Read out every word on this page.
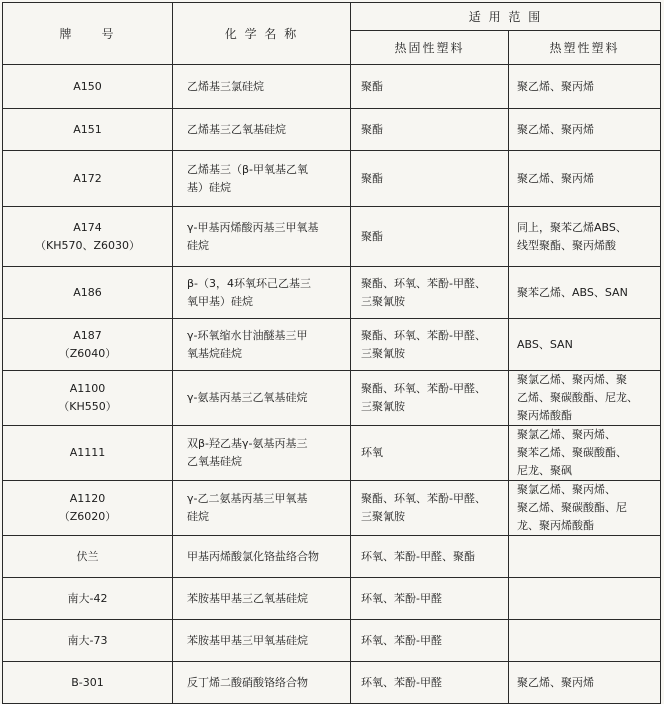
牌　　号	化 学 名 称	适 用 范 围	
		热固性塑料	热塑性塑料

A150	乙烯基三氯硅烷	聚酯	聚乙烯、聚丙烯

A151	乙烯基三乙氧基硅烷	聚酯	聚乙烯、聚丙烯

A172	乙烯基三（β-甲氧基乙氧
基）硅烷	聚酯	聚乙烯、聚丙烯

A174
（KH570、Z6030）	γ-甲基丙烯酸丙基三甲氧基
硅烷	聚酯	同上，聚苯乙烯ABS、
线型聚酯、聚丙烯酸

A186	β-（3，4环氧环己乙基三
氧甲基）硅烷	聚酯、环氧、苯酚-甲醛、
三聚氰胺	聚苯乙烯、ABS、SAN

A187
（Z6040）	γ-环氧缩水甘油醚基三甲
氧基烷硅烷	聚酯、环氧、苯酚-甲醛、
三聚氰胺	ABS、SAN

A1100
（KH550）	γ-氨基丙基三乙氧基硅烷	聚酯、环氧、苯酚-甲醛、
三聚氰胺	聚氯乙烯、聚丙烯、聚
乙烯、聚碳酸酯、尼龙、
聚丙烯酸酯

A1111	双β-羟乙基γ-氨基丙基三
乙氧基硅烷	环氧	聚氯乙烯、聚丙烯、
聚苯乙烯、聚碳酸酯、
尼龙、聚砜

A1120
（Z6020）	γ-乙二氨基丙基三甲氧基
硅烷	聚酯、环氧、苯酚-甲醛、
三聚氰胺	聚氯乙烯、聚丙烯、
聚乙烯、聚碳酸酯、尼
龙、聚丙烯酸酯

伏兰	甲基丙烯酸氯化铬盐络合物	环氧、苯酚-甲醛、聚酯	

南大-42	苯胺基甲基三乙氧基硅烷	环氧、苯酚-甲醛	

南大-73	苯胺基甲基三甲氧基硅烷	环氧、苯酚-甲醛	

B-301	反丁烯二酸硝酸铬络合物	环氧、苯酚-甲醛	聚乙烯、聚丙烯
